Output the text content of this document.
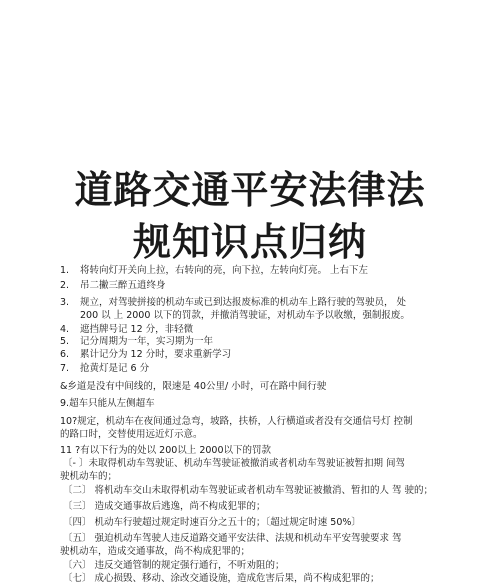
道路交通平安法律法
规知识点归纳
1. 将转向灯开关向上拉，右转向的亮，向下拉，左转向灯亮。 上右下左
2. 吊二撇三醉五逍终身
3. 规立，对驾驶拼接的机动车或已到达报废标准的机动车上路行驶的驾驶员， 处
200 以 上 2000 以下的罚款，并撤消驾驶证，对机动车予以收缴，强制报废。
4. 遮挡牌号记 12 分，非轻微
5. 记分周期为一年，实习期为一年
6. 累计记分为 12 分时，要求重新学习
7. 抢黄灯是记 6 分
&乡道是没有中间线的，限速是 40公里/ 小时，可在路中间行驶
9.超车只能从左侧超车
10?规定，机动车在夜间通过急弯，坡路，扶桥，人行横道或者没有交通信号灯 控制
的路口时，交替使用远近灯示意。
11 ?有以下行为的处以 200以上 2000以下的罚款
〔- 〕未取得机动车驾驶证、机动车驾驶证被撤消或者机动车驾驶证被暂扣期 间驾
驶机动车的；
〔二〕 将机动车交山未取得机动车驾驶证或者机动车驾驶证被撤消、暂扣的人 驾 驶的；
〔三〕 造成交通事故后逃逸，尚不构成犯罪的；
〔四〕 机动车行驶超过规定时速百分之五十的；〔超过规定时速 50%〕
〔五〕 强迫机动车驾驶人违反道路交通平安法律、法规和机动车平安驾驶要求 驾
驶机动车，造成交通事故，尚不构成犯罪的；
〔六〕 违反交通管制的规定强行通行，不听劝阻的；
〔七〕 成心损毁、移动、涂改交通设施，造成危害后果，尚不构成犯罪的；
